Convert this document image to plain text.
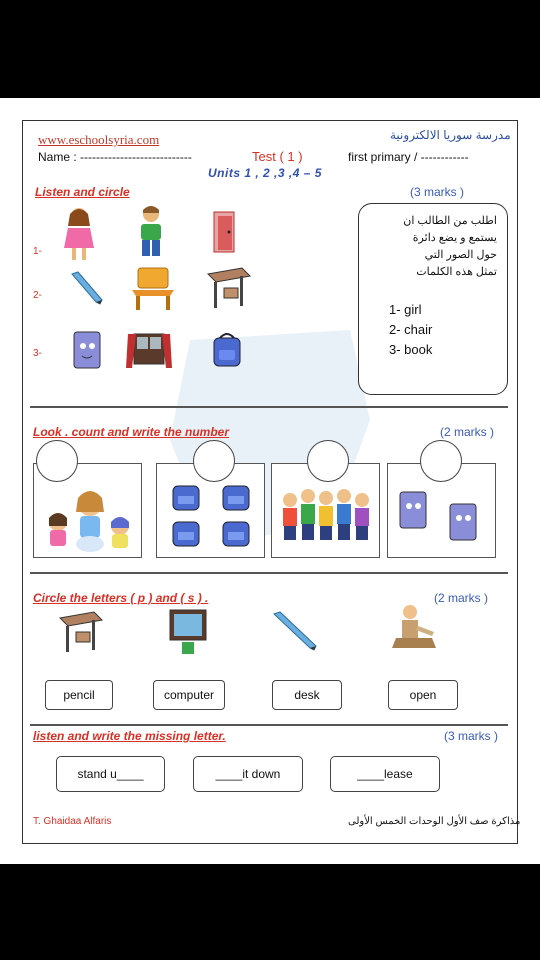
www.eschoolsyria.com	مدرسة سوريا الالكترونية
Name : ----------------------------	Test ( 1 )	first primary / ------------
Units 1 , 2 ,3 ,4 – 5
Listen and circle	(3 marks )
1-
2-
3-
اطلب من الطالب ان
يستمع و يضع دائرة
حول الصور التي
تمثل هذه الكلمات
1- girl
2- chair
3- book
Look . count and write the number	(2 marks )
Circle the letters ( p ) and ( s ) .	(2 marks )
pencil	computer	desk	open
listen and write the missing letter.	(3 marks )
stand u____	____it down	____lease
T. Ghaidaa Alfaris	مذاكرة صف الأول الوحدات الخمس الأولى
